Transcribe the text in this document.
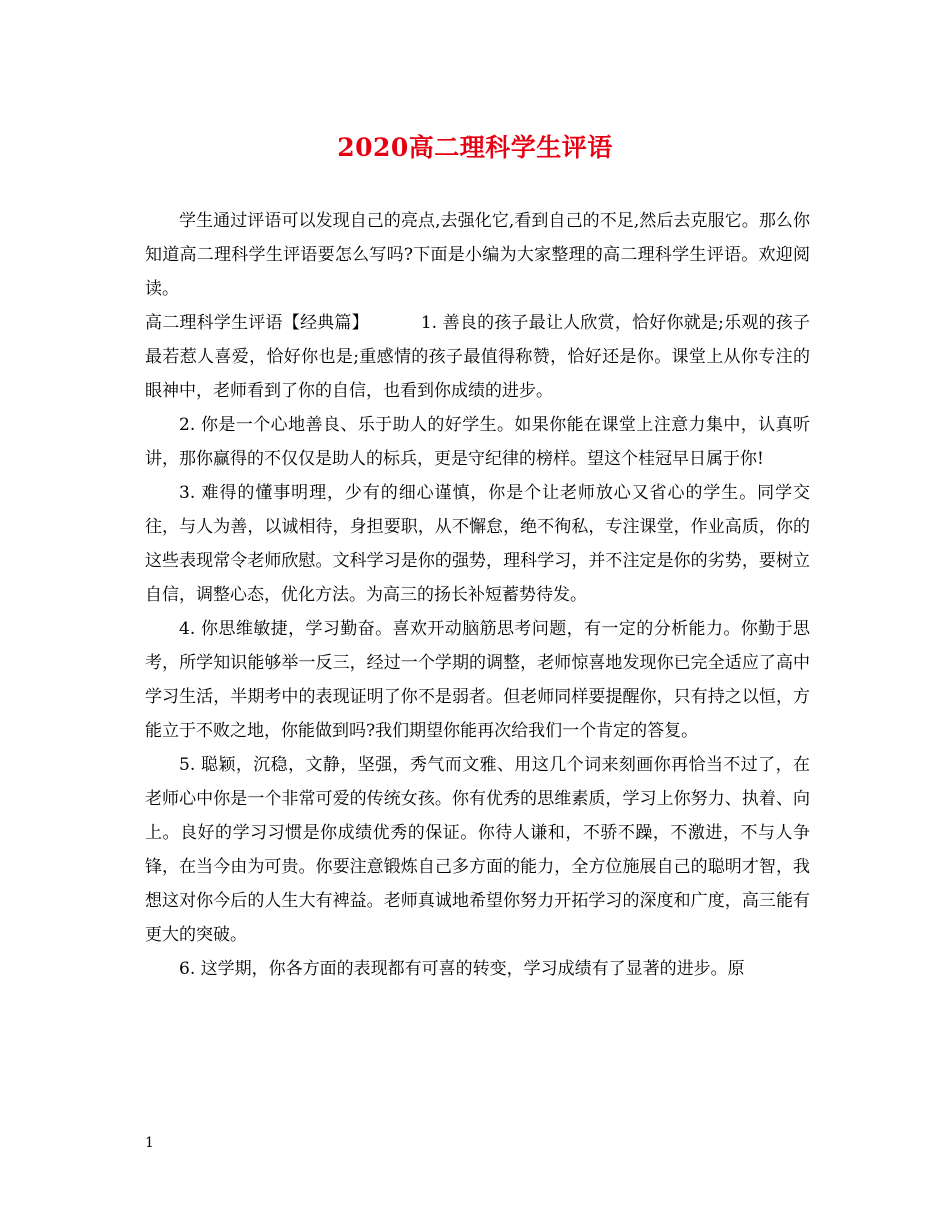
2020高二理科学生评语

学生通过评语可以发现自己的亮点,去强化它,看到自己的不足,然后去克服它。那么你知道高二理科学生评语要怎么写吗?下面是小编为大家整理的高二理科学生评语。欢迎阅读。

高二理科学生评语【经典篇】	1. 善良的孩子最让人欣赏，恰好你就是;乐观的孩子最若惹人喜爱，恰好你也是;重感情的孩子最值得称赞，恰好还是你。课堂上从你专注的眼神中，老师看到了你的自信，也看到你成绩的进步。

2. 你是一个心地善良、乐于助人的好学生。如果你能在课堂上注意力集中，认真听讲，那你赢得的不仅仅是助人的标兵，更是守纪律的榜样。望这个桂冠早日属于你!

3. 难得的懂事明理，少有的细心谨慎，你是个让老师放心又省心的学生。同学交往，与人为善，以诚相待，身担要职，从不懈怠，绝不徇私，专注课堂，作业高质，你的这些表现常令老师欣慰。文科学习是你的强势，理科学习，并不注定是你的劣势，要树立自信，调整心态，优化方法。为高三的扬长补短蓄势待发。

4. 你思维敏捷，学习勤奋。喜欢开动脑筋思考问题，有一定的分析能力。你勤于思考，所学知识能够举一反三，经过一个学期的调整，老师惊喜地发现你已完全适应了高中学习生活，半期考中的表现证明了你不是弱者。但老师同样要提醒你，只有持之以恒，方能立于不败之地，你能做到吗?我们期望你能再次给我们一个肯定的答复。

5. 聪颖，沉稳，文静，坚强，秀气而文雅、用这几个词来刻画你再恰当不过了，在老师心中你是一个非常可爱的传统女孩。你有优秀的思维素质，学习上你努力、执着、向上。良好的学习习惯是你成绩优秀的保证。你待人谦和，不骄不躁，不激进，不与人争锋，在当今由为可贵。你要注意锻炼自己多方面的能力，全方位施展自己的聪明才智，我想这对你今后的人生大有裨益。老师真诚地希望你努力开拓学习的深度和广度，高三能有更大的突破。

6. 这学期，你各方面的表现都有可喜的转变，学习成绩有了显著的进步。原

1
